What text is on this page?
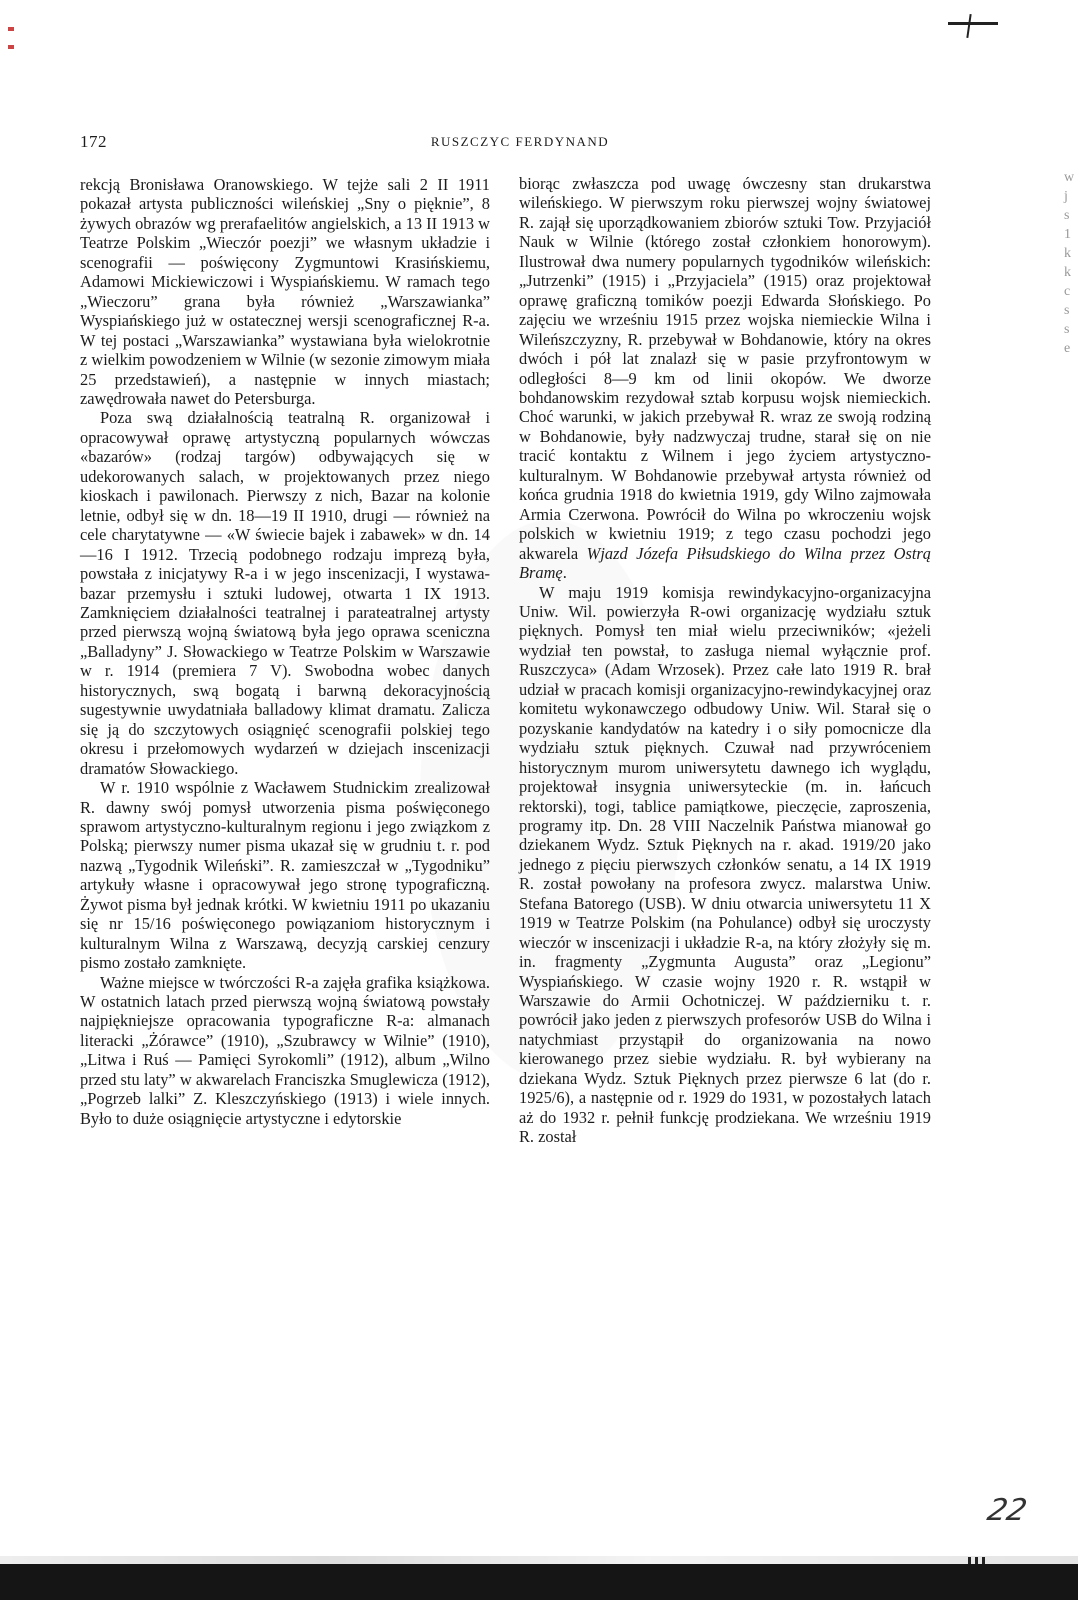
172	RUSZCZYC FERDYNAND

rekcją Bronisława Oranowskiego. W tejże sali 2 II 1911 pokazał artysta publiczności wileńskiej „Sny o pięknie”, 8 żywych obrazów wg prerafaelitów angielskich, a 13 II 1913 w Teatrze Polskim „Wieczór poezji” we własnym układzie i scenografii — poświęcony Zygmuntowi Krasińskiemu, Adamowi Mickiewiczowi i Wyspiańskiemu. W ramach tego „Wieczoru” grana była również „Warszawianka” Wyspiańskiego już w ostatecznej wersji scenograficznej R-a. W tej postaci „Warszawianka” wystawiana była wielokrotnie z wielkim powodzeniem w Wilnie (w sezonie zimowym miała 25 przedstawień), a następnie w innych miastach; zawędrowała nawet do Petersburga.

Poza swą działalnością teatralną R. organizował i opracowywał oprawę artystyczną popularnych wówczas «bazarów» (rodzaj targów) odbywających się w udekorowanych salach, w projektowanych przez niego kioskach i pawilonach. Pierwszy z nich, Bazar na kolonie letnie, odbył się w dn. 18—19 II 1910, drugi — również na cele charytatywne — «W świecie bajek i zabawek» w dn. 14—16 I 1912. Trzecią podobnego rodzaju imprezą była, powstała z inicjatywy R-a i w jego inscenizacji, I wystawa-bazar przemysłu i sztuki ludowej, otwarta 1 IX 1913. Zamknięciem działalności teatralnej i parateatralnej artysty przed pierwszą wojną światową była jego oprawa sceniczna „Balladyny” J. Słowackiego w Teatrze Polskim w Warszawie w r. 1914 (premiera 7 V). Swobodna wobec danych historycznych, swą bogatą i barwną dekoracyjnością sugestywnie uwydatniała balladowy klimat dramatu. Zalicza się ją do szczytowych osiągnięć scenografii polskiej tego okresu i przełomowych wydarzeń w dziejach inscenizacji dramatów Słowackiego.

W r. 1910 wspólnie z Wacławem Studnickim zrealizował R. dawny swój pomysł utworzenia pisma poświęconego sprawom artystyczno-kulturalnym regionu i jego związkom z Polską; pierwszy numer pisma ukazał się w grudniu t. r. pod nazwą „Tygodnik Wileński”. R. zamieszczał w „Tygodniku” artykuły własne i opracowywał jego stronę typograficzną. Żywot pisma był jednak krótki. W kwietniu 1911 po ukazaniu się nr 15/16 poświęconego powiązaniom historycznym i kulturalnym Wilna z Warszawą, decyzją carskiej cenzury pismo zostało zamknięte.

Ważne miejsce w twórczości R-a zajęła grafika książkowa. W ostatnich latach przed pierwszą wojną światową powstały najpiękniejsze opracowania typograficzne R-a: almanach literacki „Żórawce” (1910), „Szubrawcy w Wilnie” (1910), „Litwa i Ruś — Pamięci Syrokomli” (1912), album „Wilno przed stu laty” w akwarelach Franciszka Smuglewicza (1912), „Pogrzeb lalki” Z. Kleszczyńskiego (1913) i wiele innych. Było to duże osiągnięcie artystyczne i edytorskie

biorąc zwłaszcza pod uwagę ówczesny stan drukarstwa wileńskiego. W pierwszym roku pierwszej wojny światowej R. zajął się uporządkowaniem zbiorów sztuki Tow. Przyjaciół Nauk w Wilnie (którego został członkiem honorowym). Ilustrował dwa numery popularnych tygodników wileńskich: „Jutrzenki” (1915) i „Przyjaciela” (1915) oraz projektował oprawę graficzną tomików poezji Edwarda Słońskiego. Po zajęciu we wrześniu 1915 przez wojska niemieckie Wilna i Wileńszczyzny, R. przebywał w Bohdanowie, który na okres dwóch i pół lat znalazł się w pasie przyfrontowym w odległości 8—9 km od linii okopów. We dworze bohdanowskim rezydował sztab korpusu wojsk niemieckich. Choć warunki, w jakich przebywał R. wraz ze swoją rodziną w Bohdanowie, były nadzwyczaj trudne, starał się on nie tracić kontaktu z Wilnem i jego życiem artystyczno-kulturalnym. W Bohdanowie przebywał artysta również od końca grudnia 1918 do kwietnia 1919, gdy Wilno zajmowała Armia Czerwona. Powrócił do Wilna po wkroczeniu wojsk polskich w kwietniu 1919; z tego czasu pochodzi jego akwarela Wjazd Józefa Piłsudskiego do Wilna przez Ostrą Bramę.

W maju 1919 komisja rewindykacyjno-organizacyjna Uniw. Wil. powierzyła R-owi organizację wydziału sztuk pięknych. Pomysł ten miał wielu przeciwników; «jeżeli wydział ten powstał, to zasługa niemal wyłącznie prof. Ruszczyca» (Adam Wrzosek). Przez całe lato 1919 R. brał udział w pracach komisji organizacyjno-rewindykacyjnej oraz komitetu wykonawczego odbudowy Uniw. Wil. Starał się o pozyskanie kandydatów na katedry i o siły pomocnicze dla wydziału sztuk pięknych. Czuwał nad przywróceniem historycznym murom uniwersytetu dawnego ich wyglądu, projektował insygnia uniwersyteckie (m. in. łańcuch rektorski), togi, tablice pamiątkowe, pieczęcie, zaproszenia, programy itp. Dn. 28 VIII Naczelnik Państwa mianował go dziekanem Wydz. Sztuk Pięknych na r. akad. 1919/20 jako jednego z pięciu pierwszych członków senatu, a 14 IX 1919 R. został powołany na profesora zwycz. malarstwa Uniw. Stefana Batorego (USB). W dniu otwarcia uniwersytetu 11 X 1919 w Teatrze Polskim (na Pohulance) odbył się uroczysty wieczór w inscenizacji i układzie R-a, na który złożyły się m. in. fragmenty „Zygmunta Augusta” oraz „Legionu” Wyspiańskiego. W czasie wojny 1920 r. R. wstąpił w Warszawie do Armii Ochotniczej. W październiku t. r. powrócił jako jeden z pierwszych profesorów USB do Wilna i natychmiast przystąpił do organizowania na nowo kierowanego przez siebie wydziału. R. był wybierany na dziekana Wydz. Sztuk Pięknych przez pierwsze 6 lat (do r. 1925/6), a następnie od r. 1929 do 1931, w pozostałych latach aż do 1932 r. pełnił funkcję prodziekana. We wrześniu 1919 R. został

w
j
s
1
k
k
c
s
s
e
22
